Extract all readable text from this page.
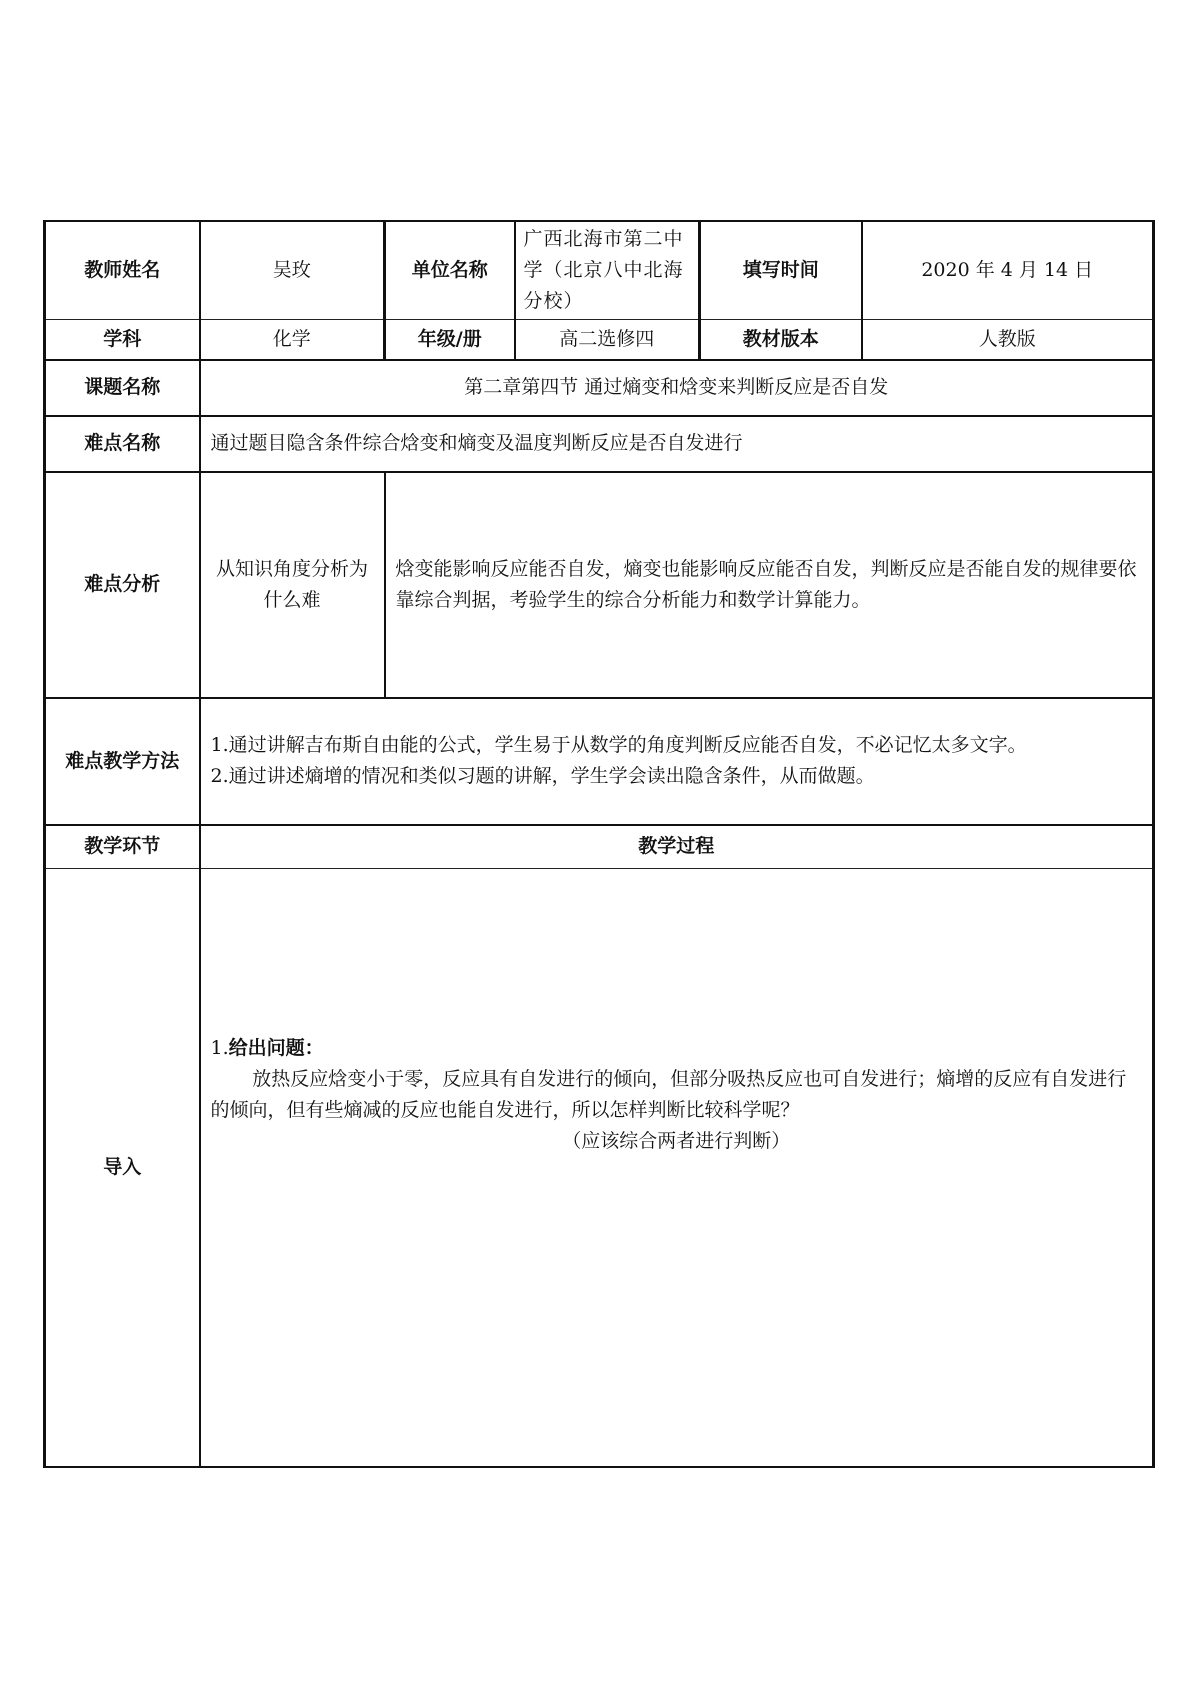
教师姓名	吴玫	单位名称	广西北海市第二中学（北京八中北海分校）	填写时间	2020 年 4 月 14 日
学科	化学	年级/册	高二选修四	教材版本	人教版
课题名称	第二章第四节 通过熵变和焓变来判断反应是否自发				
难点名称	通过题目隐含条件综合焓变和熵变及温度判断反应是否自发进行				
难点分析	从知识角度分析为什么难	焓变能影响反应能否自发，熵变也能影响反应能否自发，判断反应是否能自发的规律要依靠综合判据，考验学生的综合分析能力和数学计算能力。			
难点教学方法	1.通过讲解吉布斯自由能的公式，学生易于从数学的角度判断反应能否自发，不必记忆太多文字。

2.通过讲述熵增的情况和类似习题的讲解，学生学会读出隐含条件，从而做题。				

教学环节	教学过程				
导入	1.给出问题：
放热反应焓变小于零，反应具有自发进行的倾向，但部分吸热反应也可自发进行；熵增的反应有自发进行的倾向，但有些熵减的反应也能自发进行，所以怎样判断比较科学呢？
（应该综合两者进行判断）				
